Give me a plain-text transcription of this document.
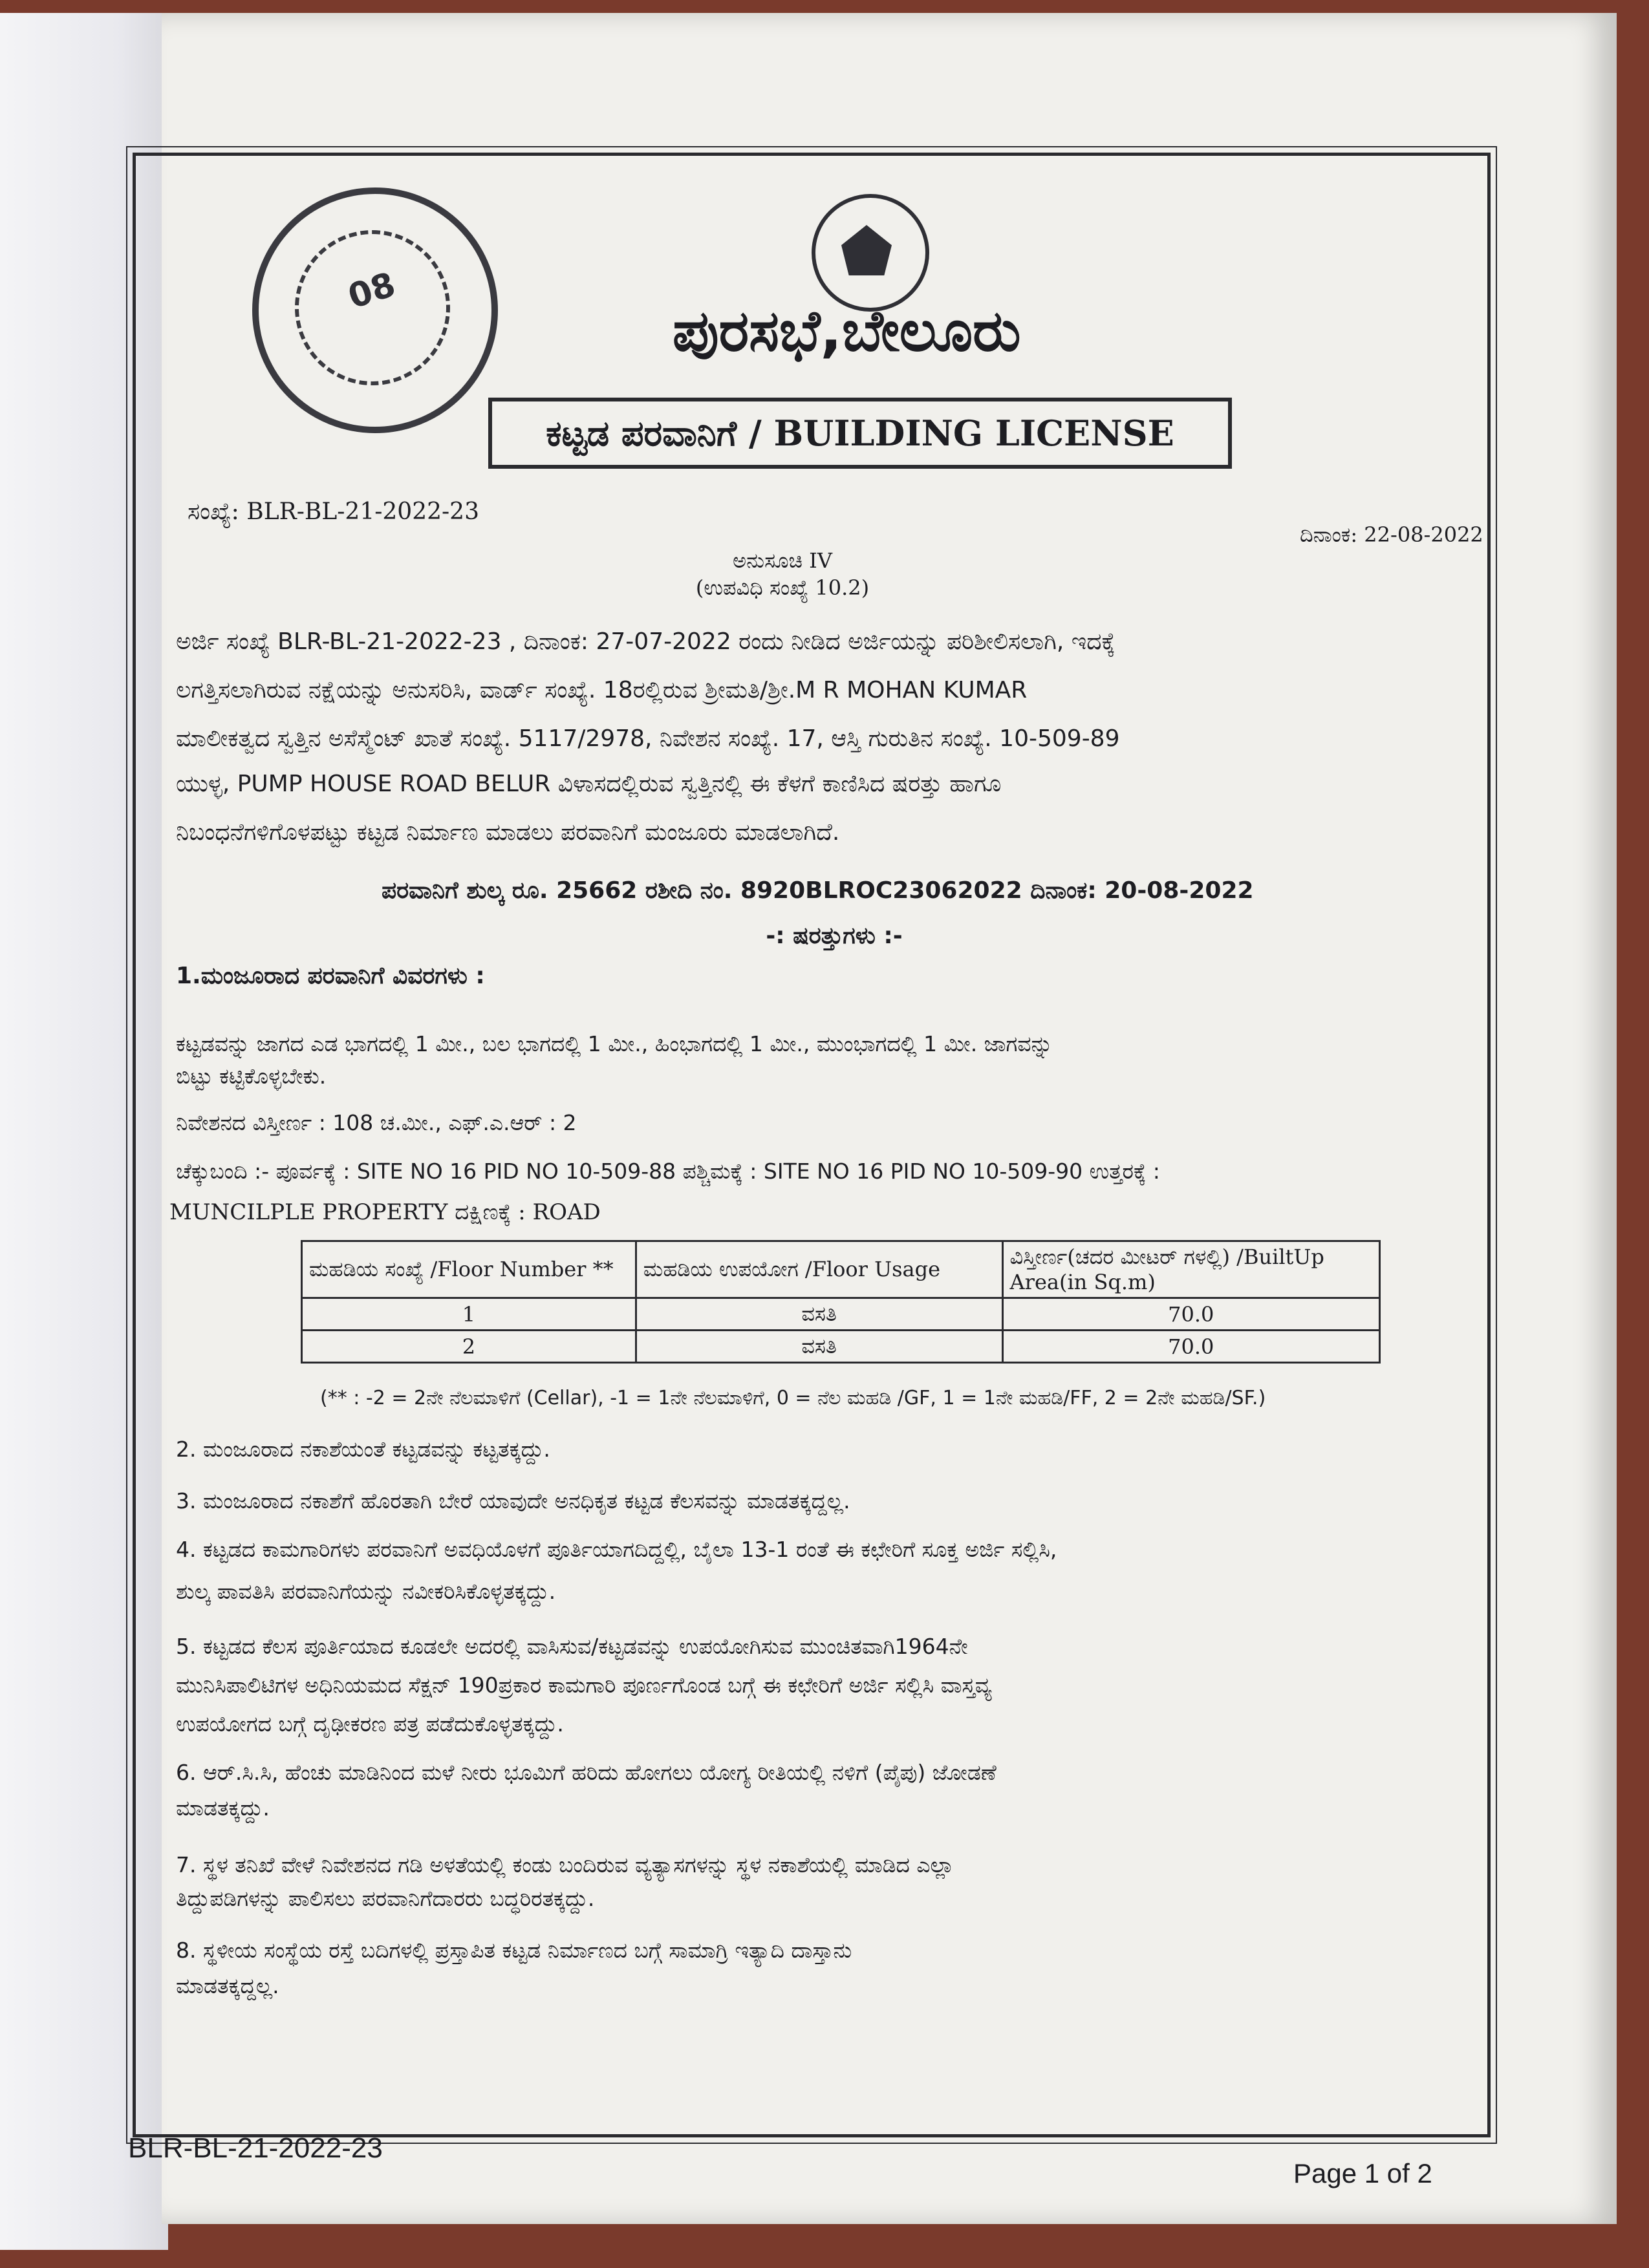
08
ಪುರಸಭೆ,ಬೇಲೂರು
ಕಟ್ಟಡ ಪರವಾನಿಗೆ / BUILDING LICENSE
ಸಂಖ್ಯೆ: BLR-BL-21-2022-23
ದಿನಾಂಕ: 22-08-2022
ಅನುಸೂಚಿ IV
(ಉಪವಿಧಿ ಸಂಖ್ಯೆ 10.2)
ಅರ್ಜಿ ಸಂಖ್ಯೆ BLR-BL-21-2022-23 , ದಿನಾಂಕ: 27-07-2022 ರಂದು ನೀಡಿದ ಅರ್ಜಿಯನ್ನು ಪರಿಶೀಲಿಸಲಾಗಿ, ಇದಕ್ಕೆ
ಲಗತ್ತಿಸಲಾಗಿರುವ ನಕ್ಷೆಯನ್ನು ಅನುಸರಿಸಿ, ವಾರ್ಡ್ ಸಂಖ್ಯೆ. 18ರಲ್ಲಿರುವ ಶ್ರೀಮತಿ/ಶ್ರೀ.M R MOHAN KUMAR
ಮಾಲೀಕತ್ವದ ಸ್ವತ್ತಿನ ಅಸೆಸ್ಮೆಂಟ್ ಖಾತೆ ಸಂಖ್ಯೆ. 5117/2978, ನಿವೇಶನ ಸಂಖ್ಯೆ. 17, ಆಸ್ತಿ ಗುರುತಿನ ಸಂಖ್ಯೆ. 10-509-89
ಯುಳ್ಳ, PUMP HOUSE ROAD BELUR ವಿಳಾಸದಲ್ಲಿರುವ ಸ್ವತ್ತಿನಲ್ಲಿ ಈ ಕೆಳಗೆ ಕಾಣಿಸಿದ ಷರತ್ತು ಹಾಗೂ
ನಿಬಂಧನೆಗಳಿಗೊಳಪಟ್ಟು ಕಟ್ಟಡ ನಿರ್ಮಾಣ ಮಾಡಲು ಪರವಾನಿಗೆ ಮಂಜೂರು ಮಾಡಲಾಗಿದೆ.
ಪರವಾನಿಗೆ ಶುಲ್ಕ ರೂ. 25662 ರಶೀದಿ ನಂ. 8920BLROC23062022 ದಿನಾಂಕ: 20-08-2022
-: ಷರತ್ತುಗಳು :-
1.ಮಂಜೂರಾದ ಪರವಾನಿಗೆ ವಿವರಗಳು :
ಕಟ್ಟಡವನ್ನು ಜಾಗದ ಎಡ ಭಾಗದಲ್ಲಿ 1 ಮೀ., ಬಲ ಭಾಗದಲ್ಲಿ 1 ಮೀ., ಹಿಂಭಾಗದಲ್ಲಿ 1 ಮೀ., ಮುಂಭಾಗದಲ್ಲಿ 1 ಮೀ. ಜಾಗವನ್ನು
ಬಿಟ್ಟು ಕಟ್ಟಿಕೊಳ್ಳಬೇಕು.
ನಿವೇಶನದ ವಿಸ್ತೀರ್ಣ : 108 ಚ.ಮೀ., ಎಫ್.ಎ.ಆರ್ : 2
ಚೆಕ್ಕುಬಂದಿ :- ಪೂರ್ವಕ್ಕೆ : SITE NO 16 PID NO 10-509-88 ಪಶ್ಚಿಮಕ್ಕೆ : SITE NO 16 PID NO 10-509-90 ಉತ್ತರಕ್ಕೆ :
MUNCILPLE PROPERTY ದಕ್ಷಿಣಕ್ಕೆ : ROAD
ಮಹಡಿಯ ಸಂಖ್ಯೆ /Floor Number **	ಮಹಡಿಯ ಉಪಯೋಗ /Floor Usage	ವಿಸ್ತೀರ್ಣ(ಚದರ ಮೀಟರ್ ಗಳಲ್ಲಿ) /BuiltUp Area(in Sq.m)
1	ವಸತಿ	70.0
2	ವಸತಿ	70.0
(** : -2 = 2ನೇ ನೆಲಮಾಳಿಗೆ (Cellar), -1 = 1ನೇ ನೆಲಮಾಳಿಗೆ, 0 = ನೆಲ ಮಹಡಿ /GF, 1 = 1ನೇ ಮಹಡಿ/FF, 2 = 2ನೇ ಮಹಡಿ/SF.)
2. ಮಂಜೂರಾದ ನಕಾಶೆಯಂತೆ ಕಟ್ಟಡವನ್ನು ಕಟ್ಟತಕ್ಕದ್ದು.
3. ಮಂಜೂರಾದ ನಕಾಶೆಗೆ ಹೊರತಾಗಿ ಬೇರೆ ಯಾವುದೇ ಅನಧಿಕೃತ ಕಟ್ಟಡ ಕೆಲಸವನ್ನು ಮಾಡತಕ್ಕದ್ದಲ್ಲ.
4. ಕಟ್ಟಡದ ಕಾಮಗಾರಿಗಳು ಪರವಾನಿಗೆ ಅವಧಿಯೊಳಗೆ ಪೂರ್ತಿಯಾಗದಿದ್ದಲ್ಲಿ, ಬೈಲಾ 13-1 ರಂತೆ ಈ ಕಛೇರಿಗೆ ಸೂಕ್ತ ಅರ್ಜಿ ಸಲ್ಲಿಸಿ,
ಶುಲ್ಕ ಪಾವತಿಸಿ ಪರವಾನಿಗೆಯನ್ನು ನವೀಕರಿಸಿಕೊಳ್ಳತಕ್ಕದ್ದು.
5. ಕಟ್ಟಡದ ಕೆಲಸ ಪೂರ್ತಿಯಾದ ಕೂಡಲೇ ಅದರಲ್ಲಿ ವಾಸಿಸುವ/ಕಟ್ಟಡವನ್ನು ಉಪಯೋಗಿಸುವ ಮುಂಚಿತವಾಗಿ1964ನೇ
ಮುನಿಸಿಪಾಲಿಟಿಗಳ ಅಧಿನಿಯಮದ ಸೆಕ್ಷನ್ 190ಪ್ರಕಾರ ಕಾಮಗಾರಿ ಪೂರ್ಣಗೊಂಡ ಬಗ್ಗೆ ಈ ಕಛೇರಿಗೆ ಅರ್ಜಿ ಸಲ್ಲಿಸಿ ವಾಸ್ತವ್ಯ
ಉಪಯೋಗದ ಬಗ್ಗೆ ದೃಢೀಕರಣ ಪತ್ರ ಪಡೆದುಕೊಳ್ಳತಕ್ಕದ್ದು.
6. ಆರ್.ಸಿ.ಸಿ, ಹೆಂಚು ಮಾಡಿನಿಂದ ಮಳೆ ನೀರು ಭೂಮಿಗೆ ಹರಿದು ಹೋಗಲು ಯೋಗ್ಯ ರೀತಿಯಲ್ಲಿ ನಳಿಗೆ (ಪೈಪು) ಜೋಡಣೆ
ಮಾಡತಕ್ಕದ್ದು.
7. ಸ್ಥಳ ತನಿಖೆ ವೇಳೆ ನಿವೇಶನದ ಗಡಿ ಅಳತೆಯಲ್ಲಿ ಕಂಡು ಬಂದಿರುವ ವ್ಯತ್ಯಾಸಗಳನ್ನು ಸ್ಥಳ ನಕಾಶೆಯಲ್ಲಿ ಮಾಡಿದ ಎಲ್ಲಾ
ತಿದ್ದುಪಡಿಗಳನ್ನು ಪಾಲಿಸಲು ಪರವಾನಿಗೆದಾರರು ಬದ್ಧರಿರತಕ್ಕದ್ದು.
8. ಸ್ಥಳೀಯ ಸಂಸ್ಥೆಯ ರಸ್ತೆ ಬದಿಗಳಲ್ಲಿ ಪ್ರಸ್ತಾಪಿತ ಕಟ್ಟಡ ನಿರ್ಮಾಣದ ಬಗ್ಗೆ ಸಾಮಾಗ್ರಿ ಇತ್ಯಾದಿ ದಾಸ್ತಾನು
ಮಾಡತಕ್ಕದ್ದಲ್ಲ.
BLR-BL-21-2022-23
Page 1 of 2
